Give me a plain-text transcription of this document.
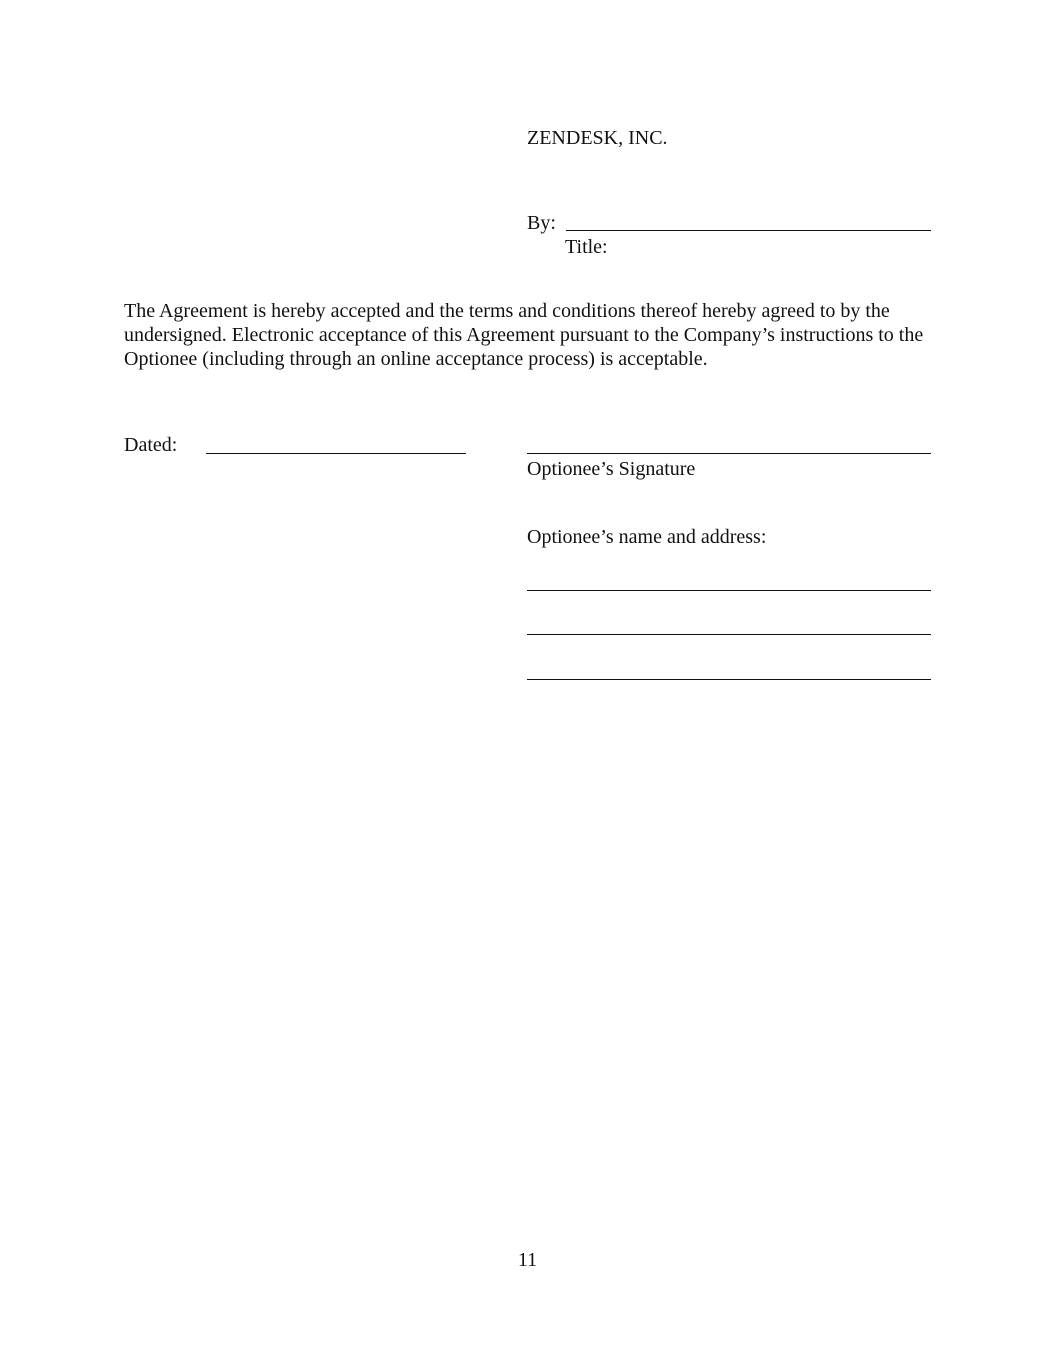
ZENDESK, INC.
By:
Title:
The Agreement is hereby accepted and the terms and conditions thereof hereby agreed to by the undersigned. Electronic acceptance of this Agreement pursuant to the Company’s instructions to the Optionee (including through an online acceptance process) is acceptable.
Dated:
Optionee’s Signature
Optionee’s name and address:
11
